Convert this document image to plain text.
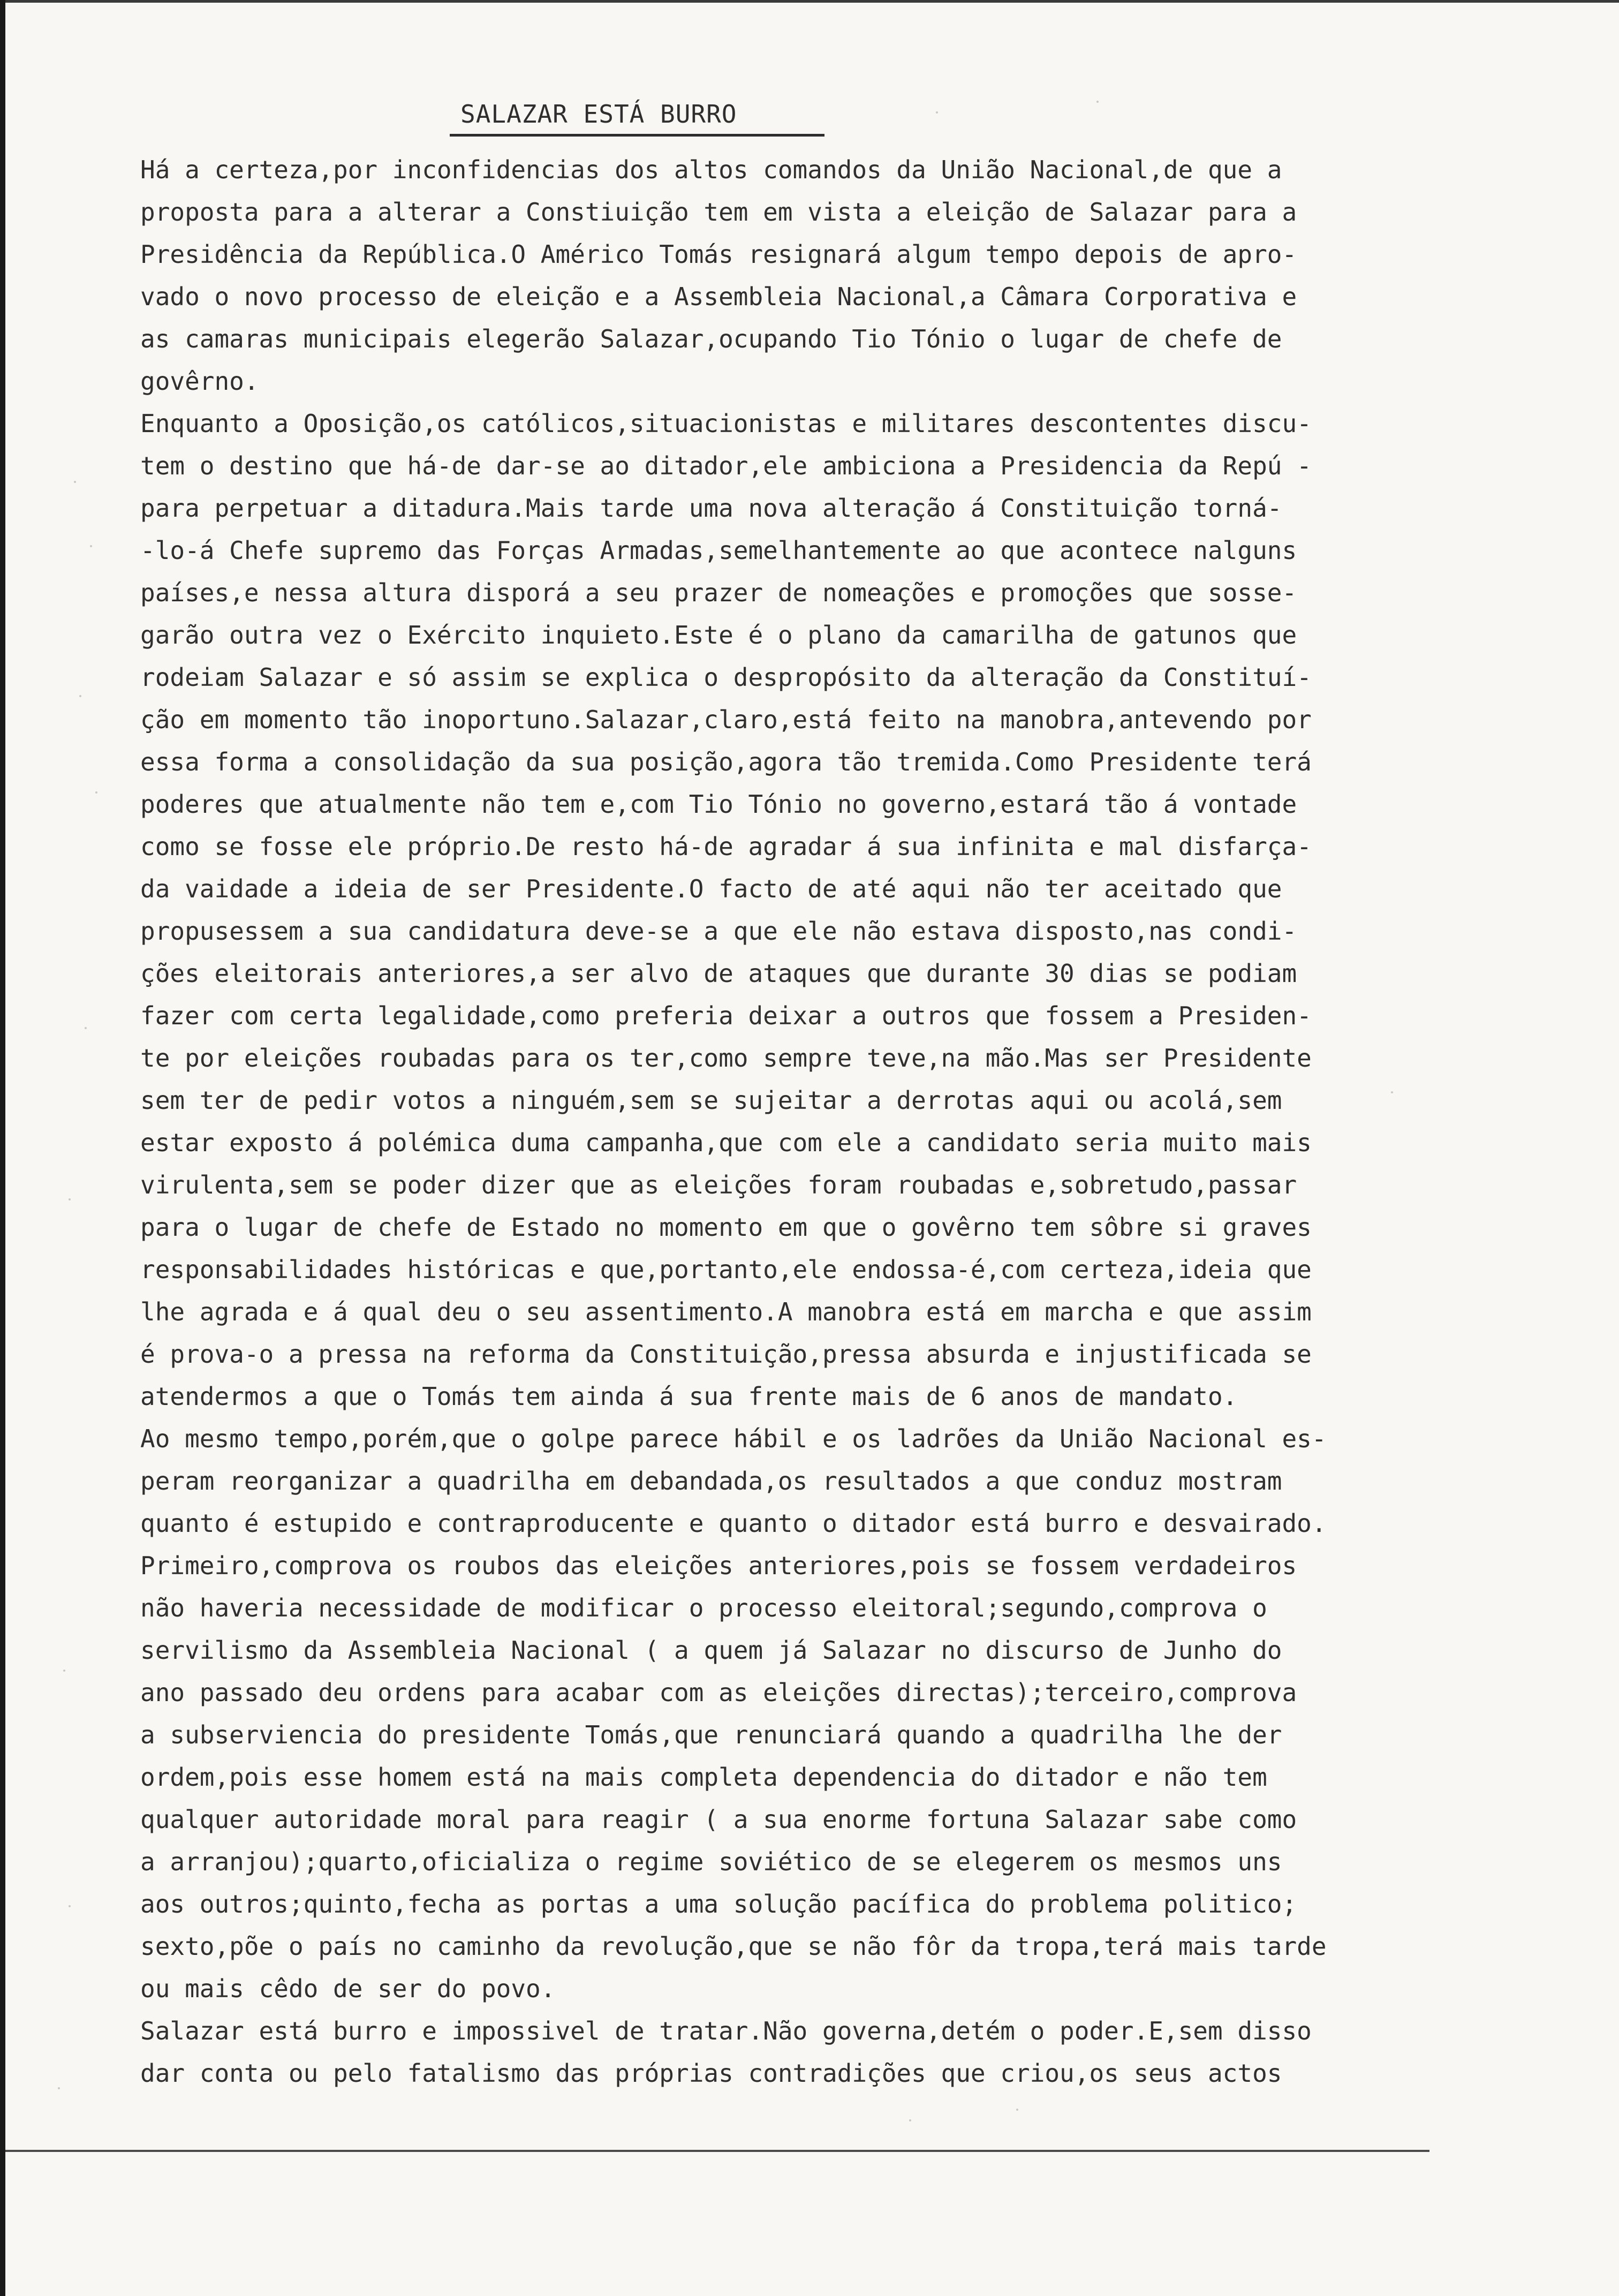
SALAZAR ESTÁ BURRO
Há a certeza,por inconfidencias dos altos comandos da União Nacional,de que a
proposta para a alterar a Constiuição tem em vista a eleição de Salazar para a
Presidência da República.O Américo Tomás resignará algum tempo depois de apro-
vado o novo processo de eleição e a Assembleia Nacional,a Câmara Corporativa e
as camaras municipais elegerão Salazar,ocupando Tio Tónio o lugar de chefe de
govêrno.
Enquanto a Oposição,os católicos,situacionistas e militares descontentes discu-
tem o destino que há-de dar-se ao ditador,ele ambiciona a Presidencia da Repú -
para perpetuar a ditadura.Mais tarde uma nova alteração á Constituição torná-
-lo-á Chefe supremo das Forças Armadas,semelhantemente ao que acontece nalguns
países,e nessa altura disporá a seu prazer de nomeações e promoções que sosse-
garão outra vez o Exército inquieto.Este é o plano da camarilha de gatunos que
rodeiam Salazar e só assim se explica o despropósito da alteração da Constituí-
ção em momento tão inoportuno.Salazar,claro,está feito na manobra,antevendo por
essa forma a consolidação da sua posição,agora tão tremida.Como Presidente terá
poderes que atualmente não tem e,com Tio Tónio no governo,estará tão á vontade
como se fosse ele próprio.De resto há-de agradar á sua infinita e mal disfarça-
da vaidade a ideia de ser Presidente.O facto de até aqui não ter aceitado que
propusessem a sua candidatura deve-se a que ele não estava disposto,nas condi-
ções eleitorais anteriores,a ser alvo de ataques que durante 30 dias se podiam
fazer com certa legalidade,como preferia deixar a outros que fossem a Presiden-
te por eleições roubadas para os ter,como sempre teve,na mão.Mas ser Presidente
sem ter de pedir votos a ninguém,sem se sujeitar a derrotas aqui ou acolá,sem
estar exposto á polémica duma campanha,que com ele a candidato seria muito mais
virulenta,sem se poder dizer que as eleições foram roubadas e,sobretudo,passar
para o lugar de chefe de Estado no momento em que o govêrno tem sôbre si graves
responsabilidades históricas e que,portanto,ele endossa-é,com certeza,ideia que
lhe agrada e á qual deu o seu assentimento.A manobra está em marcha e que assim
é prova-o a pressa na reforma da Constituição,pressa absurda e injustificada se
atendermos a que o Tomás tem ainda á sua frente mais de 6 anos de mandato.
Ao mesmo tempo,porém,que o golpe parece hábil e os ladrões da União Nacional es-
peram reorganizar a quadrilha em debandada,os resultados a que conduz mostram
quanto é estupido e contraproducente e quanto o ditador está burro e desvairado.
Primeiro,comprova os roubos das eleições anteriores,pois se fossem verdadeiros
não haveria necessidade de modificar o processo eleitoral;segundo,comprova o
servilismo da Assembleia Nacional ( a quem já Salazar no discurso de Junho do
ano passado deu ordens para acabar com as eleições directas);terceiro,comprova
a subserviencia do presidente Tomás,que renunciará quando a quadrilha lhe der
ordem,pois esse homem está na mais completa dependencia do ditador e não tem
qualquer autoridade moral para reagir ( a sua enorme fortuna Salazar sabe como
a arranjou);quarto,oficializa o regime soviético de se elegerem os mesmos uns
aos outros;quinto,fecha as portas a uma solução pacífica do problema politico;
sexto,põe o país no caminho da revolução,que se não fôr da tropa,terá mais tarde
ou mais cêdo de ser do povo.
Salazar está burro e impossivel de tratar.Não governa,detém o poder.E,sem disso
dar conta ou pelo fatalismo das próprias contradições que criou,os seus actos
